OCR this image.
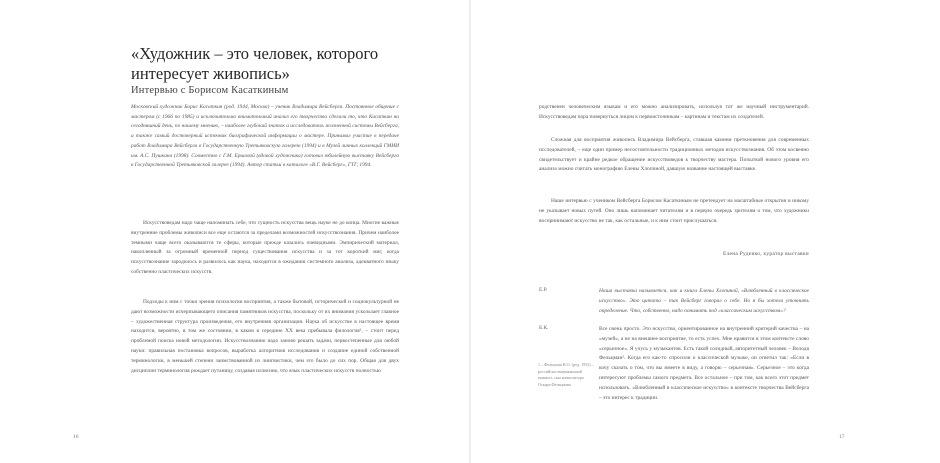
«Художник – это человек, которого интересует живопись»
Интервью с Борисом Касаткиным

Московский художник Борис Касаткин (род. 1944, Москва) – ученик Владимира Вейсберга. Постоянное общение с мастером (с 1966 по 1985) и исключительно внимательный анализ его творчества сделали то, что Касаткин на сегодняшний день, по нашему мнению, – наиболее глубокий знаток и исследователь жизненной системы Вейсберга, а также самый достоверный источник биографической информации о мастере. Принимал участие в передаче работ Владимира Вейсберга в Государственную Третьяковскую галерею (1994) и в Музей личных коллекций ГМИИ им. А.С. Пушкина (1998). Совместно с Г.М. Ершовой (вдовой художника) готовил юбилейную выставку Вейсберга в Государственной Третьяковской галерее (1994). Автор статьи в каталоге «В.Г. Вейсберг», ГТГ, 1994.

Искусствоведам надо чаще напоминать себе, что сущность искусства вещь науке не до конца. Многие важные внутренние проблемы живописи все еще остаются за пределами возможностей искусствознания. Причем наиболее темными чаще всего оказываются те сферы, которые прежде казались очевидными. Эмпирический материал, накопленный за огромный временной период существования искусства и за тот короткий миг, когда искусствознание зародилось и развилось как наука, находится в ожидании системного анализа, адекватного языку собственно пластических искусств.

Подходы к ним с точки зрения психологии восприятия, а также бытовой, исторической и социокультурной не дают возможности исчерпывающего описания памятников искусства, поскольку от их внимания ускользает главное – художественная структура произведения, его внутренняя организация. Наука об искусстве в настоящее время находится, вероятно, в том же состоянии, в каком в середине XX века пребывала филология¹, – стоит перед проблемой поиска новой методологии. Искусствознанию надо заново решать задачи, первостепенные для любой науки: правильная постановка вопросов, выработка алгоритмов исследования и создание единой собственной терминологии, в меньшей степени заимствованной из лингвистики, чем это было до сих пор. Общая для двух дисциплин терминология рождает путаницу, создавая иллюзию, что язык пластических искусств полностью

16

родственен человеческим языкам и его можно анализировать, используя тот же научный инструментарий. Искусствоведам пора повернуться лицом к первоисточникам – картинам и текстам их создателей.

Сложная для восприятия живопись Владимира Вейсберга, ставшая камнем преткновения для современных исследователей, – еще один пример несостоятельности традиционных методов искусствознания. Об этом косвенно свидетельствует и крайне редкое обращение искусствоведов к творчеству мастера. Попыткой нового уровня его анализа можно считать монографию Елены Хлопиной, давшую название настоящей выставке.

Наше интервью с учеником Вейсберга Борисом Касаткиным не претендует на масштабные открытия и никому не указывает новых путей. Оно лишь напоминает читателям и в первую очередь зрителям о том, что художники воспринимают искусство не так, как остальные, и к ним стоит прислушаться.

Елена Руденко, куратор выставки

Е.Р.	Наша выставка называется, как и книга Елены Хлопиной, «Влюбленный в классическое искусство». Это цитата – так Вейсберг говорил о себе. Но я бы хотела уточнить определение. Что, собственно, надо понимать под «классическим искусством»?

Б.К.	Все очень просто. Это искусство, ориентированное на внутренний критерий качества – на «музей», а не на внешнее восприятие, то есть успех. Мне нравится в этом контексте слово «серьезное». Я учусь у музыкантов. Есть такой солидный, авторитетный человек – Володя Фельцман². Когда его как-то спросили о классической музыке, он ответил так: «Если в кочу сказать о том, что вы имеете в виду, а говорю – серьезная». Серьезное – это когда интересуют проблемы самого предмета. Все остальное – при том, как всего этот предмет использовать. «Влюбленный в классическое искусство» в контексте творчества Вейсберга – это интерес к традиции.

1 – Фельцман В.О. (род. 1952) – российско-американский пианист, сын композитора Оскара Фельцмана

17
